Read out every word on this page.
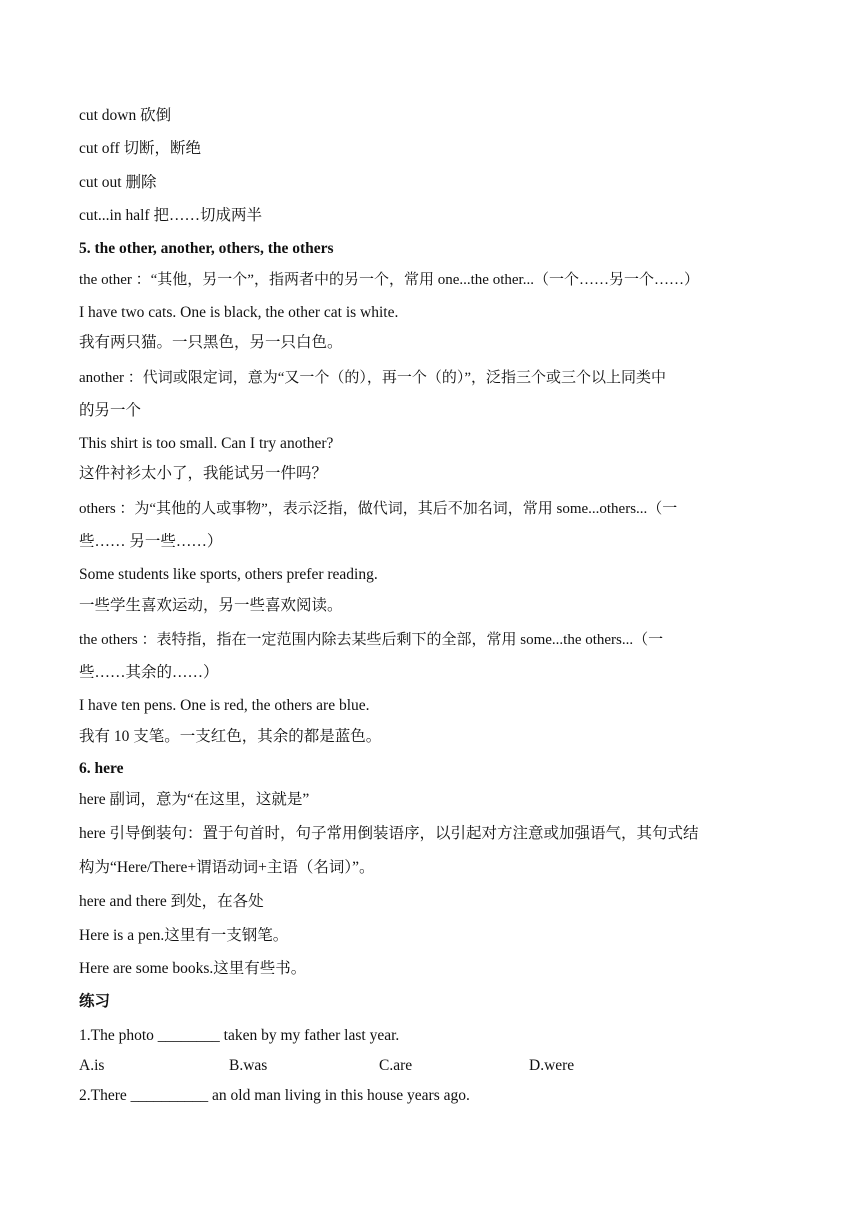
cut down 砍倒
cut off 切断，断绝
cut out 删除
cut...in half 把……切成两半
5. the other, another, others, the others
the other ：“其他，另一个”，指两者中的另一个，常用 one...the other...（一个……另一个……）
I have two cats. One is black, the other cat is white.
我有两只猫。一只黑色，另一只白色。
another ：代词或限定词，意为“又一个（的），再一个（的）”，泛指三个或三个以上同类中
的另一个
This shirt is too small. Can I try another?
这件衬衫太小了，我能试另一件吗？
others ：为“其他的人或事物”，表示泛指，做代词，其后不加名词，常用 some...others...（一
些…… 另一些……）
Some students like sports, others prefer reading.
一些学生喜欢运动，另一些喜欢阅读。
the others ：表特指，指在一定范围内除去某些后剩下的全部，常用 some...the others...（一
些……其余的……）
I have ten pens. One is red, the others are blue.
我有 10 支笔。一支红色，其余的都是蓝色。
6. here
here 副词，意为“在这里，这就是”
here 引导倒装句：置于句首时，句子常用倒装语序，以引起对方注意或加强语气，其句式结
构为“Here/There+谓语动词+主语（名词）”。
here and there 到处，在各处
Here is a pen.这里有一支钢笔。
Here are some books.这里有些书。
练习
1.The photo ________ taken by my father last year.
A.is	B.was	C.are	D.were
2.There __________ an old man living in this house years ago.
